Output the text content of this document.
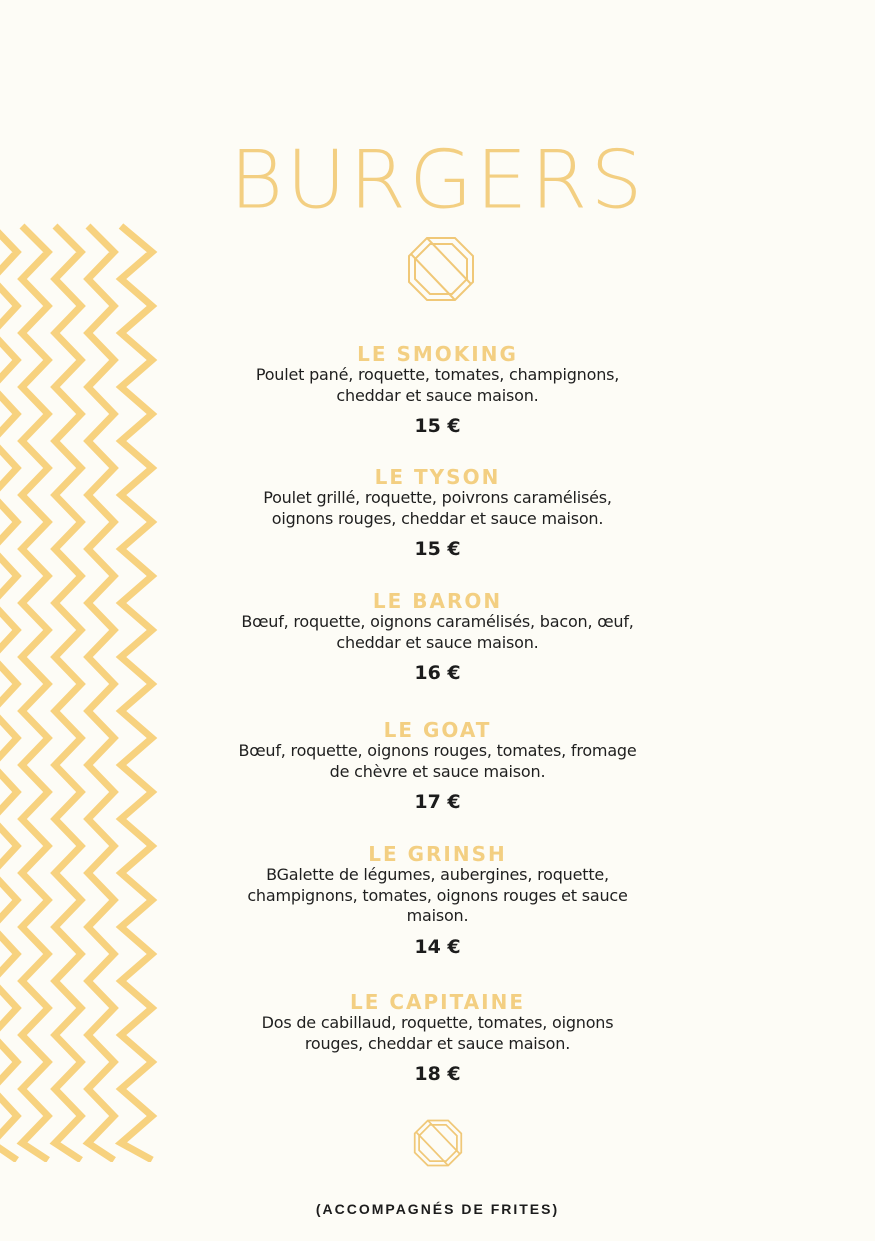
BURGERS
LE SMOKING
Poulet pané, roquette, tomates, champignons,
cheddar et sauce maison.
15 €
LE TYSON
Poulet grillé, roquette, poivrons caramélisés,
oignons rouges, cheddar et sauce maison.
15 €
LE BARON
Bœuf, roquette, oignons caramélisés, bacon, œuf,
cheddar et sauce maison.
16 €
LE GOAT
Bœuf, roquette, oignons rouges, tomates, fromage
de chèvre et sauce maison.
17 €
LE GRINSH
BGalette de légumes, aubergines, roquette,
champignons, tomates, oignons rouges et sauce
maison.
14 €
LE CAPITAINE
Dos de cabillaud, roquette, tomates, oignons
rouges, cheddar et sauce maison.
18 €
(ACCOMPAGNÉS DE FRITES)
